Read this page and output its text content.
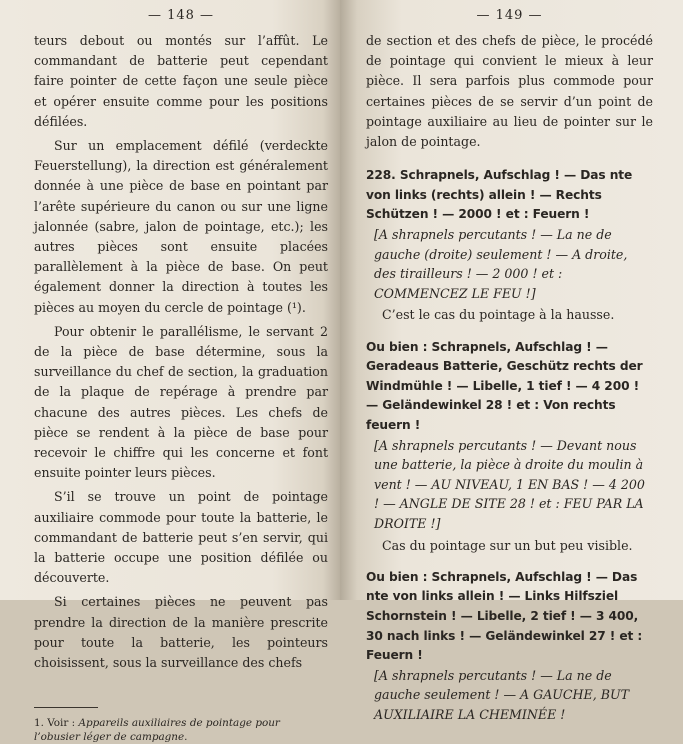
— 148 —

teurs debout ou montés sur l’affût. Le commandant de batterie peut cependant faire pointer de cette façon une seule pièce et opérer ensuite comme pour les positions défilées.

Sur un emplacement défilé (verdeckte Feuerstellung), la direction est généralement donnée à une pièce de base en pointant par l’arête supérieure du canon ou sur une ligne jalonnée (sabre, jalon de pointage, etc.); les autres pièces sont ensuite placées parallèlement à la pièce de base. On peut également donner la direction à toutes les pièces au moyen du cercle de pointage (¹).

Pour obtenir le parallélisme, le servant 2 de la pièce de base détermine, sous la surveillance du chef de section, la graduation de la plaque de repérage à prendre par chacune des autres pièces. Les chefs de pièce se rendent à la pièce de base pour recevoir le chiffre qui les concerne et font ensuite pointer leurs pièces.

S’il se trouve un point de pointage auxiliaire commode pour toute la batterie, le commandant de batterie peut s’en servir, qui la batterie occupe une position défilée ou découverte.

Si certaines pièces ne peuvent pas prendre la direction de la manière prescrite pour toute la batterie, les pointeurs choisissent, sous la surveillance des chefs

1. Voir : Appareils auxiliaires de pointage pour l’obusier léger de campagne.
— 149 —

de section et des chefs de pièce, le procédé de pointage qui convient le mieux à leur pièce. Il sera parfois plus commode pour certaines pièces de se servir d’un point de pointage auxiliaire au lieu de pointer sur le jalon de pointage.

228. Schrapnels, Aufschlag ! — Das nte von links (rechts) allein ! — Rechts Schützen ! — 2000 ! et : Feuern !

[A shrapnels percutants ! — La ne de gauche (droite) seulement ! — A droite, des tirailleurs ! — 2 000 ! et : COMMENCEZ LE FEU !]

C’est le cas du pointage à la hausse.

Ou bien : Schrapnels, Aufschlag ! — Geradeaus Batterie, Geschütz rechts der Windmühle ! — Libelle, 1 tief ! — 4 200 ! — Geländewinkel 28 ! et : Von rechts feuern !

[A shrapnels percutants ! — Devant nous une batterie, la pièce à droite du moulin à vent ! — AU NIVEAU, 1 EN BAS ! — 4 200 ! — ANGLE DE SITE 28 ! et : FEU PAR LA DROITE !]

Cas du pointage sur un but peu visible.

Ou bien : Schrapnels, Aufschlag ! — Das nte von links allein ! — Links Hilfsziel Schornstein ! — Libelle, 2 tief ! — 3 400, 30 nach links ! — Geländewinkel 27 ! et : Feuern !

[A shrapnels percutants ! — La ne de gauche seulement ! — A GAUCHE, BUT AUXILIAIRE LA CHEMINÉE !
